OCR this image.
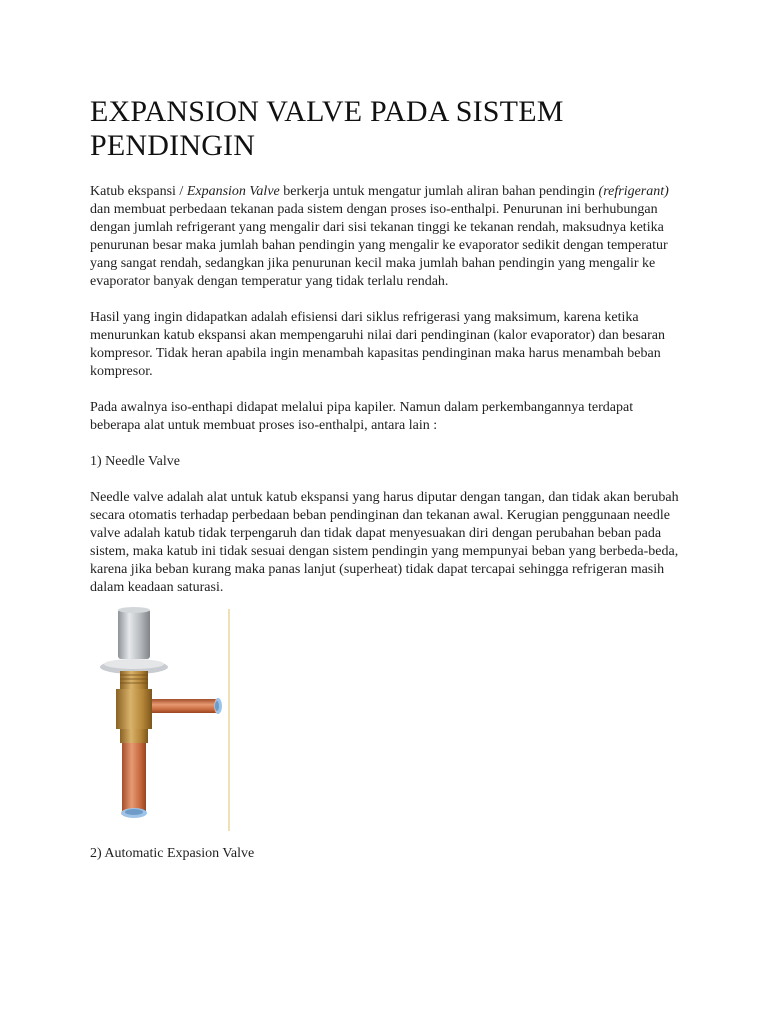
EXPANSION VALVE PADA SISTEM
PENDINGIN

Katub ekspansi / Expansion Valve berkerja untuk mengatur jumlah aliran bahan pendingin (refrigerant) dan membuat perbedaan tekanan pada sistem dengan proses iso-enthalpi. Penurunan ini berhubungan dengan jumlah refrigerant yang mengalir dari sisi tekanan tinggi ke tekanan rendah, maksudnya ketika penurunan besar maka jumlah bahan pendingin yang mengalir ke evaporator sedikit dengan temperatur yang sangat rendah, sedangkan jika penurunan kecil maka jumlah bahan pendingin yang mengalir ke evaporator banyak dengan temperatur yang tidak terlalu rendah.

Hasil yang ingin didapatkan adalah efisiensi dari siklus refrigerasi yang maksimum, karena ketika menurunkan katub ekspansi akan mempengaruhi nilai dari pendinginan (kalor evaporator) dan besaran kompresor. Tidak heran apabila ingin menambah kapasitas pendinginan maka harus menambah beban kompresor.

Pada awalnya iso-enthapi didapat melalui pipa kapiler. Namun dalam perkembangannya terdapat beberapa alat untuk membuat proses iso-enthalpi, antara lain :

1) Needle Valve

Needle valve adalah alat untuk katub ekspansi yang harus diputar dengan tangan, dan tidak akan berubah secara otomatis terhadap perbedaan beban pendinginan dan tekanan awal. Kerugian penggunaan needle valve adalah katub tidak terpengaruh dan tidak dapat menyesuakan diri dengan perubahan beban pada sistem, maka katub ini tidak sesuai dengan sistem pendingin yang mempunyai beban yang berbeda-beda, karena jika beban kurang maka panas lanjut (superheat) tidak dapat tercapai sehingga refrigeran masih dalam keadaan saturasi.

2) Automatic Expasion Valve
